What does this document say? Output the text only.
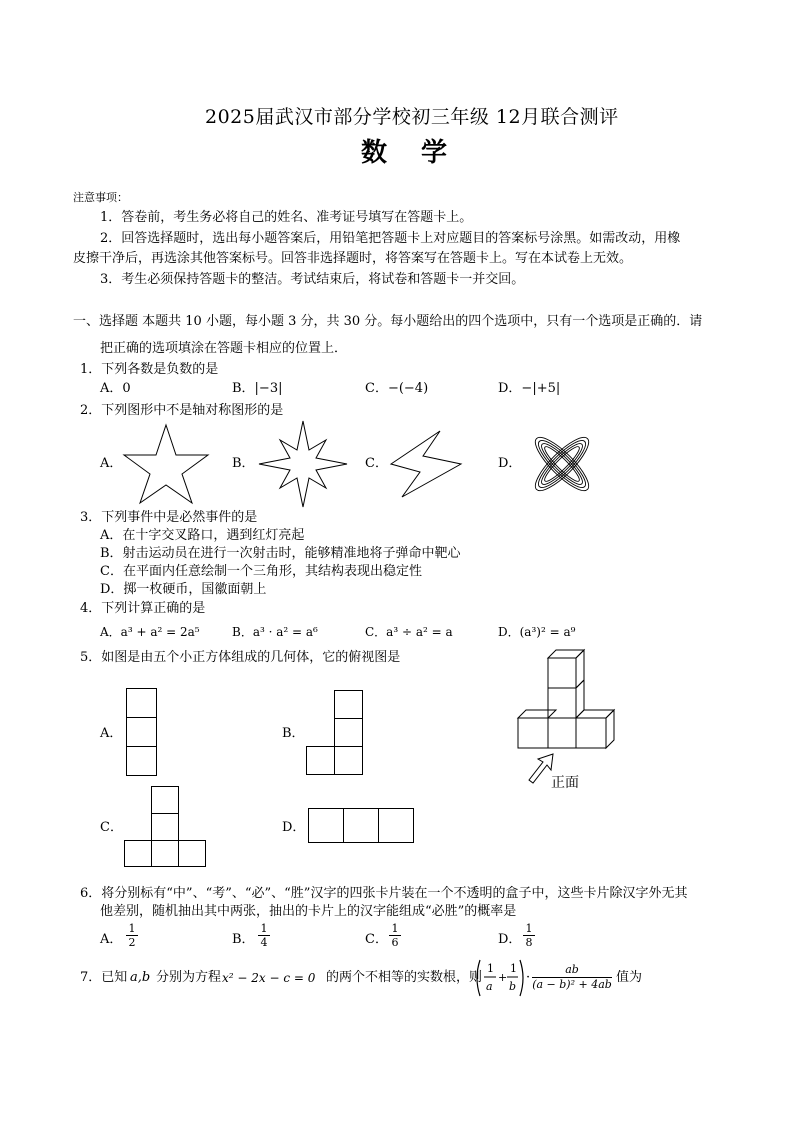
2025届武汉市部分学校初三年级 12月联合测评
数学
注意事项：
1．答卷前，考生务必将自己的姓名、准考证号填写在答题卡上。
2．回答选择题时，选出每小题答案后，用铅笔把答题卡上对应题目的答案标号涂黑。如需改动，用橡
皮擦干净后，再选涂其他答案标号。回答非选择题时，将答案写在答题卡上。写在本试卷上无效。
3．考生必须保持答题卡的整洁。考试结束后，将试卷和答题卡一并交回。
一、选择题 本题共 10 小题，每小题 3 分，共 30 分。每小题给出的四个选项中，只有一个选项是正确的．请
把正确的选项填涂在答题卡相应的位置上．
1．下列各数是负数的是
A．0	B．|−3|	C．−(−4)	D．−|+5|
2．下列图形中不是轴对称图形的是
A．	B．	C．	D．
3．下列事件中是必然事件的是
A．在十字交叉路口，遇到红灯亮起
B．射击运动员在进行一次射击时，能够精准地将子弹命中靶心
C．在平面内任意绘制一个三角形，其结构表现出稳定性
D．掷一枚硬币，国徽面朝上
4．下列计算正确的是
A．a³ + a² = 2a⁵	B．a³ · a² = a⁶	C．a³ ÷ a² = a	D．(a³)² = a⁹
5．如图是由五个小正方体组成的几何体，它的俯视图是
A．	B．
C．	D．
正面
6．将分别标有“中”、“考”、“必”、“胜”汉字的四张卡片装在一个不透明的盒子中，这些卡片除汉字外无其
他差别，随机抽出其中两张，抽出的卡片上的汉字能组成“必胜”的概率是
A． $\frac{1}{2}$	B． $\frac{1}{4}$	C． $\frac{1}{6}$	D． $\frac{1}{8}$
7．已知 a,b 分别为方程 x² − 2x − c = 0 的两个不相等的实数根，则
1
a
+
1
b
· $\frac{ab}{\text{(a − b)² + 4ab}}$ 值为
